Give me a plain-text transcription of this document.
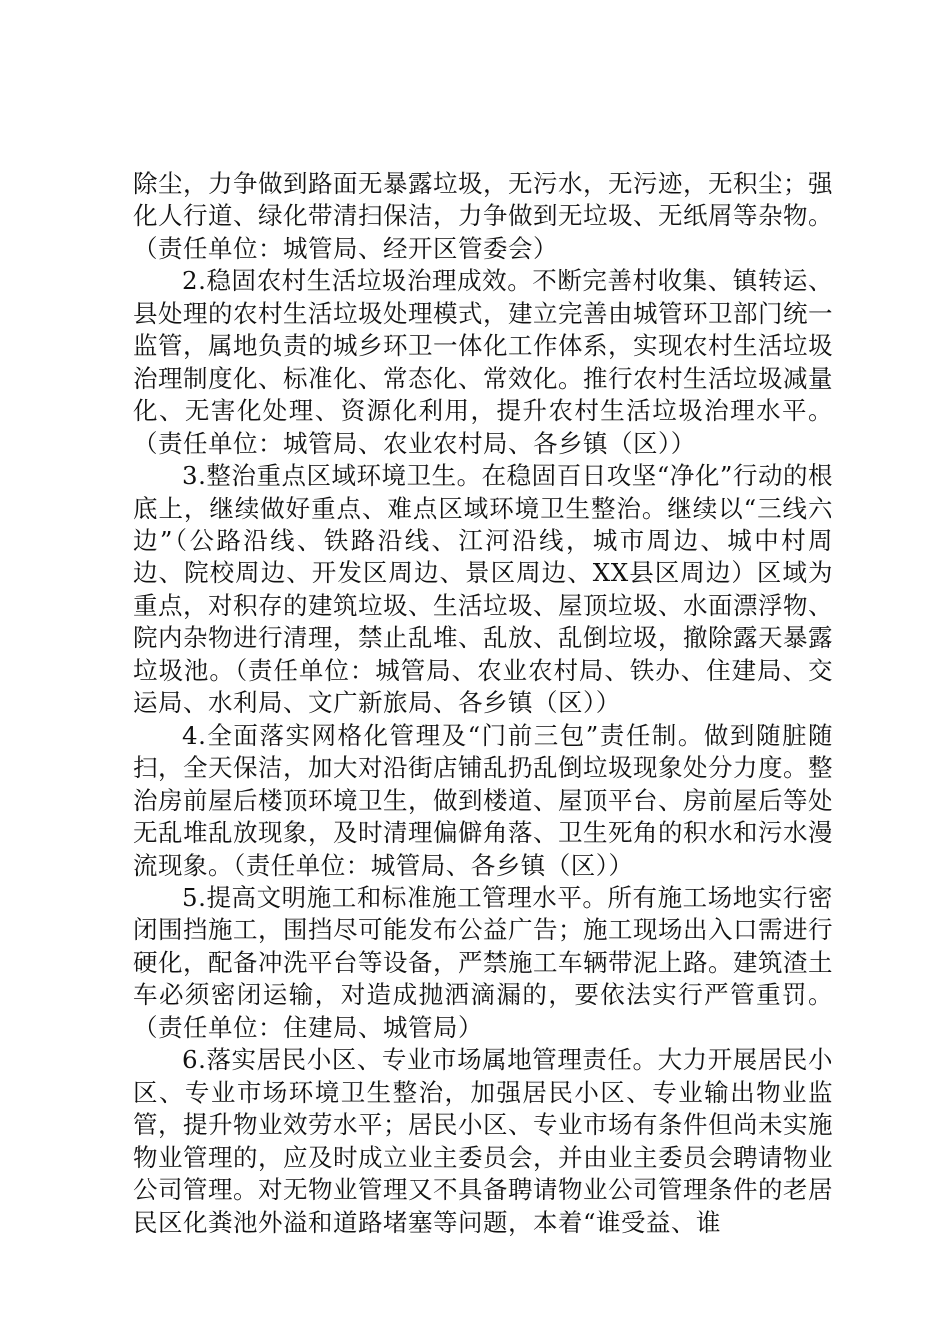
除尘，力争做到路面无暴露垃圾，无污水，无污迹，无积尘；强化人行道、绿化带清扫保洁，力争做到无垃圾、无纸屑等杂物。（责任单位：城管局、经开区管委会）

2.稳固农村生活垃圾治理成效。不断完善村收集、镇转运、县处理的农村生活垃圾处理模式，建立完善由城管环卫部门统一监管，属地负责的城乡环卫一体化工作体系，实现农村生活垃圾治理制度化、标准化、常态化、常效化。推行农村生活垃圾减量化、无害化处理、资源化利用，提升农村生活垃圾治理水平。（责任单位：城管局、农业农村局、各乡镇（区））

3.整治重点区域环境卫生。在稳固百日攻坚“净化”行动的根底上，继续做好重点、难点区域环境卫生整治。继续以“三线六边”（公路沿线、铁路沿线、江河沿线，城市周边、城中村周边、院校周边、开发区周边、景区周边、XX县区周边）区域为重点，对积存的建筑垃圾、生活垃圾、屋顶垃圾、水面漂浮物、院内杂物进行清理，禁止乱堆、乱放、乱倒垃圾，撤除露天暴露垃圾池。（责任单位：城管局、农业农村局、铁办、住建局、交运局、水利局、文广新旅局、各乡镇（区））

4.全面落实网格化管理及“门前三包”责任制。做到随脏随扫，全天保洁，加大对沿街店铺乱扔乱倒垃圾现象处分力度。整治房前屋后楼顶环境卫生，做到楼道、屋顶平台、房前屋后等处无乱堆乱放现象，及时清理偏僻角落、卫生死角的积水和污水漫流现象。（责任单位：城管局、各乡镇（区））

5.提高文明施工和标准施工管理水平。所有施工场地实行密闭围挡施工，围挡尽可能发布公益广告；施工现场出入口需进行硬化，配备冲洗平台等设备，严禁施工车辆带泥上路。建筑渣土车必须密闭运输，对造成抛洒滴漏的，要依法实行严管重罚。（责任单位：住建局、城管局）

6.落实居民小区、专业市场属地管理责任。大力开展居民小区、专业市场环境卫生整治，加强居民小区、专业输出物业监管，提升物业效劳水平；居民小区、专业市场有条件但尚未实施物业管理的，应及时成立业主委员会，并由业主委员会聘请物业公司管理。对无物业管理又不具备聘请物业公司管理条件的老居民区化粪池外溢和道路堵塞等问题，本着“谁受益、谁
